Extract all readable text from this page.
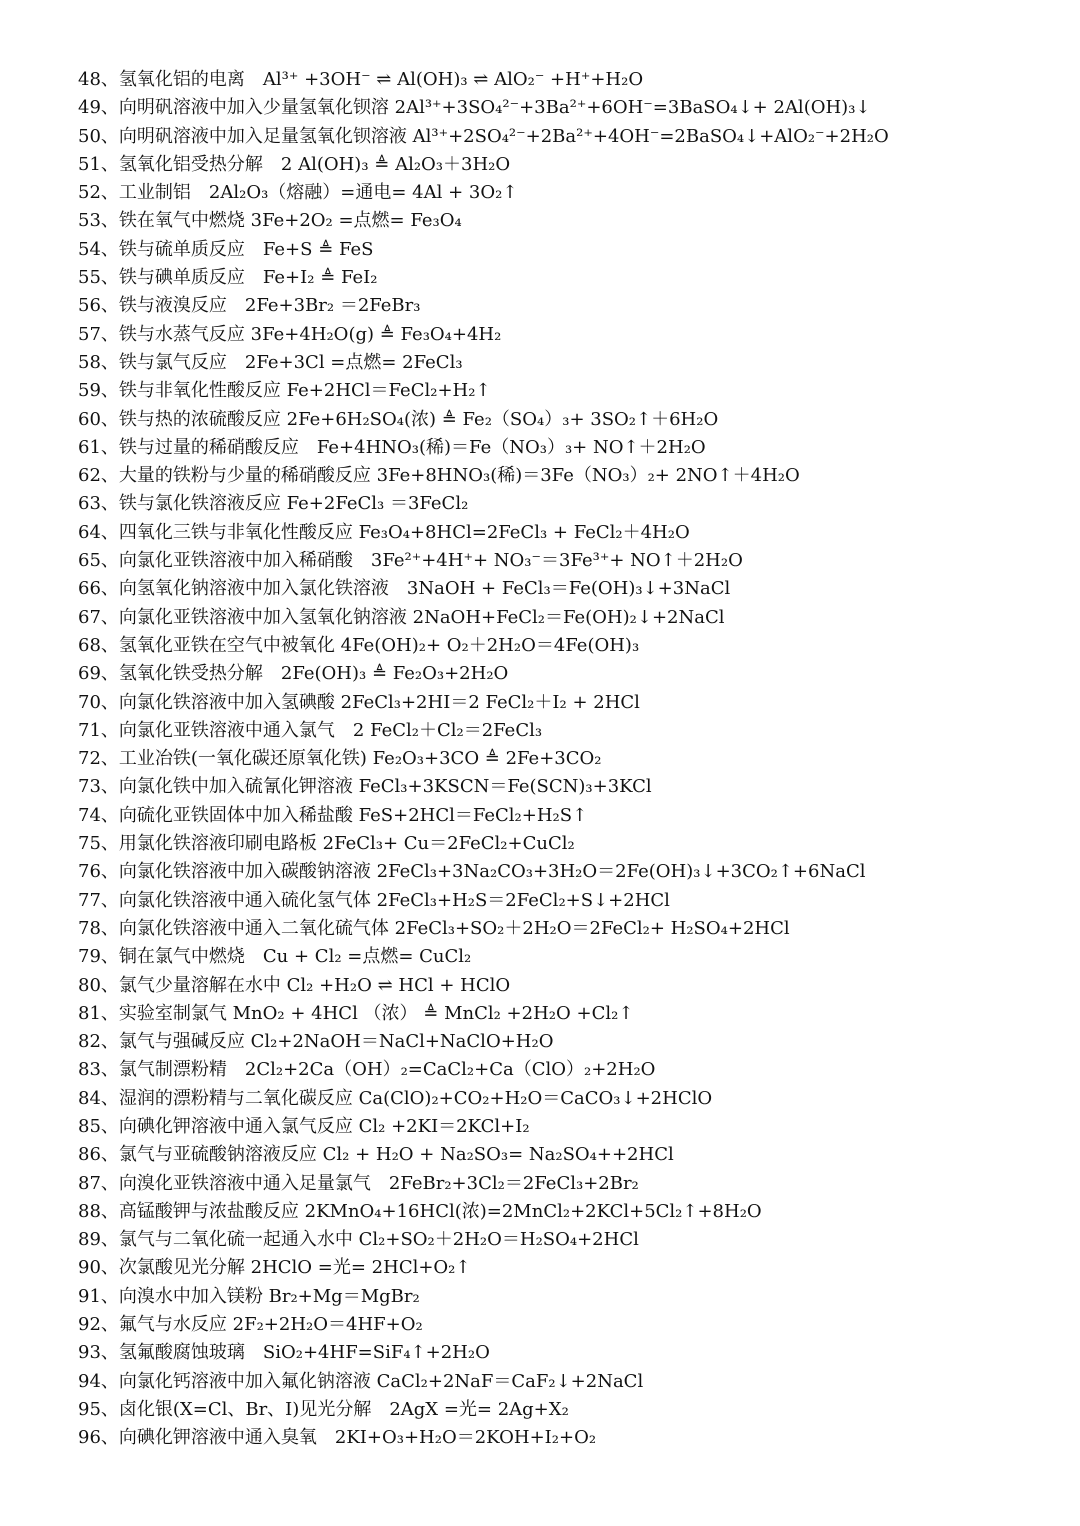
48、氢氧化铝的电离　Al³⁺ +3OH⁻ ⇌ Al(OH)₃ ⇌ AlO₂⁻ +H⁺+H₂O
49、向明矾溶液中加入少量氢氧化钡溶 2Al³⁺+3SO₄²⁻+3Ba²⁺+6OH⁻=3BaSO₄↓+ 2Al(OH)₃↓
50、向明矾溶液中加入足量氢氧化钡溶液 Al³⁺+2SO₄²⁻+2Ba²⁺+4OH⁻=2BaSO₄↓+AlO₂⁻+2H₂O
51、氢氧化铝受热分解　2 Al(OH)₃ ≜ Al₂O₃＋3H₂O
52、工业制铝　2Al₂O₃（熔融）=通电= 4Al + 3O₂↑
53、铁在氧气中燃烧 3Fe+2O₂ =点燃= Fe₃O₄
54、铁与硫单质反应　Fe+S ≜ FeS
55、铁与碘单质反应　Fe+I₂ ≜ FeI₂
56、铁与液溴反应　2Fe+3Br₂ ＝2FeBr₃
57、铁与水蒸气反应 3Fe+4H₂O(g) ≜ Fe₃O₄+4H₂
58、铁与氯气反应　2Fe+3Cl =点燃= 2FeCl₃
59、铁与非氧化性酸反应 Fe+2HCl＝FeCl₂+H₂↑
60、铁与热的浓硫酸反应 2Fe+6H₂SO₄(浓) ≜ Fe₂（SO₄）₃+ 3SO₂↑＋6H₂O
61、铁与过量的稀硝酸反应　Fe+4HNO₃(稀)＝Fe（NO₃）₃+ NO↑＋2H₂O
62、大量的铁粉与少量的稀硝酸反应 3Fe+8HNO₃(稀)＝3Fe（NO₃）₂+ 2NO↑＋4H₂O
63、铁与氯化铁溶液反应 Fe+2FeCl₃ ＝3FeCl₂
64、四氧化三铁与非氧化性酸反应 Fe₃O₄+8HCl=2FeCl₃ + FeCl₂＋4H₂O
65、向氯化亚铁溶液中加入稀硝酸　3Fe²⁺+4H⁺+ NO₃⁻＝3Fe³⁺+ NO↑＋2H₂O
66、向氢氧化钠溶液中加入氯化铁溶液　3NaOH + FeCl₃＝Fe(OH)₃↓+3NaCl
67、向氯化亚铁溶液中加入氢氧化钠溶液 2NaOH+FeCl₂＝Fe(OH)₂↓+2NaCl
68、氢氧化亚铁在空气中被氧化 4Fe(OH)₂+ O₂＋2H₂O＝4Fe(OH)₃
69、氢氧化铁受热分解　2Fe(OH)₃ ≜ Fe₂O₃+2H₂O
70、向氯化铁溶液中加入氢碘酸 2FeCl₃+2HI＝2 FeCl₂＋I₂ + 2HCl
71、向氯化亚铁溶液中通入氯气　2 FeCl₂＋Cl₂＝2FeCl₃
72、工业冶铁(一氧化碳还原氧化铁) Fe₂O₃+3CO ≜ 2Fe+3CO₂
73、向氯化铁中加入硫氰化钾溶液 FeCl₃+3KSCN＝Fe(SCN)₃+3KCl
74、向硫化亚铁固体中加入稀盐酸 FeS+2HCl＝FeCl₂+H₂S↑
75、用氯化铁溶液印刷电路板 2FeCl₃+ Cu＝2FeCl₂+CuCl₂
76、向氯化铁溶液中加入碳酸钠溶液 2FeCl₃+3Na₂CO₃+3H₂O＝2Fe(OH)₃↓+3CO₂↑+6NaCl
77、向氯化铁溶液中通入硫化氢气体 2FeCl₃+H₂S＝2FeCl₂+S↓+2HCl
78、向氯化铁溶液中通入二氧化硫气体 2FeCl₃+SO₂＋2H₂O＝2FeCl₂+ H₂SO₄+2HCl
79、铜在氯气中燃烧　Cu + Cl₂ =点燃= CuCl₂
80、氯气少量溶解在水中 Cl₂ +H₂O ⇌ HCl + HClO
81、实验室制氯气 MnO₂ + 4HCl （浓） ≜ MnCl₂ +2H₂O +Cl₂↑
82、氯气与强碱反应 Cl₂+2NaOH＝NaCl+NaClO+H₂O
83、氯气制漂粉精　2Cl₂+2Ca（OH）₂=CaCl₂+Ca（ClO）₂+2H₂O
84、湿润的漂粉精与二氧化碳反应 Ca(ClO)₂+CO₂+H₂O＝CaCO₃↓+2HClO
85、向碘化钾溶液中通入氯气反应 Cl₂ +2KI＝2KCl+I₂
86、氯气与亚硫酸钠溶液反应 Cl₂ + H₂O + Na₂SO₃= Na₂SO₄++2HCl
87、向溴化亚铁溶液中通入足量氯气　2FeBr₂+3Cl₂＝2FeCl₃+2Br₂
88、高锰酸钾与浓盐酸反应 2KMnO₄+16HCl(浓)=2MnCl₂+2KCl+5Cl₂↑+8H₂O
89、氯气与二氧化硫一起通入水中 Cl₂+SO₂＋2H₂O＝H₂SO₄+2HCl
90、次氯酸见光分解 2HClO =光= 2HCl+O₂↑
91、向溴水中加入镁粉 Br₂+Mg＝MgBr₂
92、氟气与水反应 2F₂+2H₂O＝4HF+O₂
93、氢氟酸腐蚀玻璃　SiO₂+4HF=SiF₄↑+2H₂O
94、向氯化钙溶液中加入氟化钠溶液 CaCl₂+2NaF＝CaF₂↓+2NaCl
95、卤化银(X=Cl、Br、I)见光分解　2AgX =光= 2Ag+X₂
96、向碘化钾溶液中通入臭氧　2KI+O₃+H₂O＝2KOH+I₂+O₂
